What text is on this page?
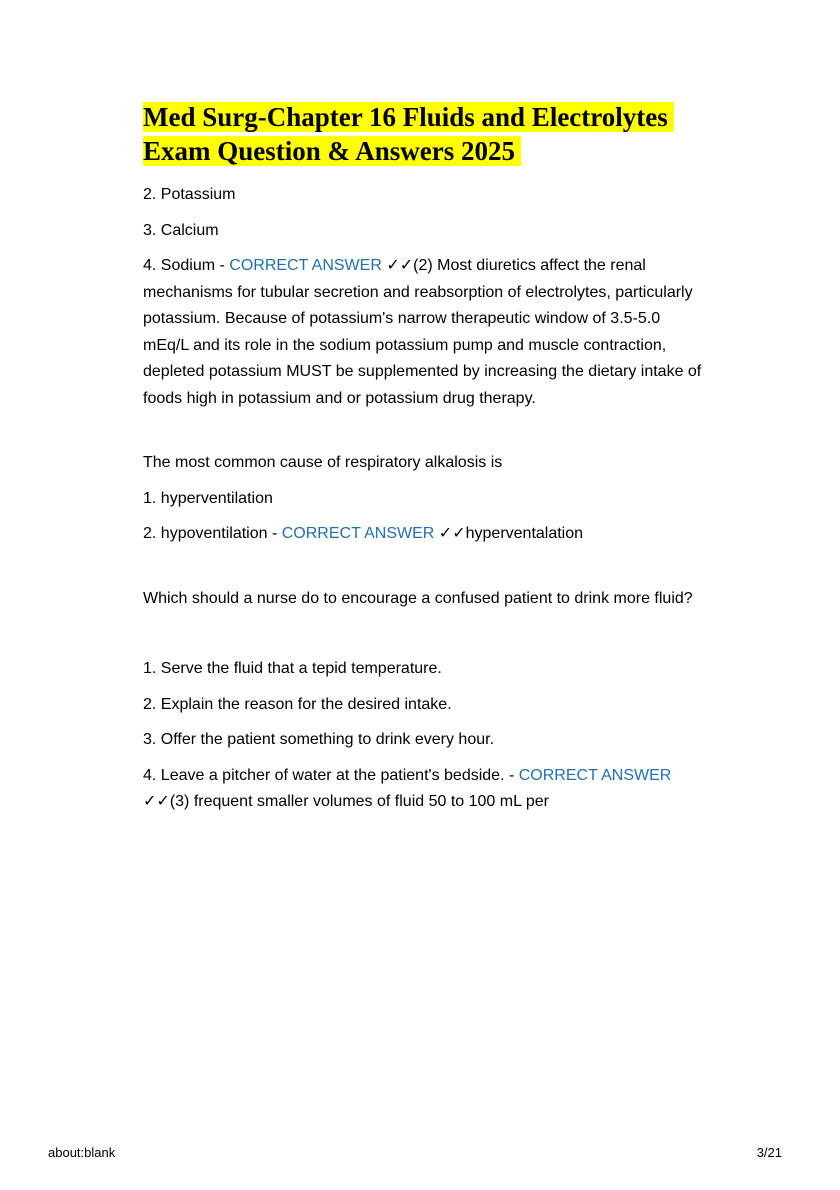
Med Surg-Chapter 16 Fluids and Electrolytes
Exam Question & Answers 2025

2. Potassium

3. Calcium

4. Sodium - CORRECT ANSWER ✓✓(2) Most diuretics affect the renal mechanisms for tubular secretion and reabsorption of electrolytes, particularly potassium. Because of potassium's narrow therapeutic window of 3.5-5.0 mEq/L and its role in the sodium potassium pump and muscle contraction, depleted potassium MUST be supplemented by increasing the dietary intake of foods high in potassium and or potassium drug therapy.

The most common cause of respiratory alkalosis is

1. hyperventilation

2. hypoventilation - CORRECT ANSWER ✓✓hyperventalation

Which should a nurse do to encourage a confused patient to drink more fluid?

1. Serve the fluid that a tepid temperature.

2. Explain the reason for the desired intake.

3. Offer the patient something to drink every hour.

4. Leave a pitcher of water at the patient's bedside. - CORRECT ANSWER ✓✓(3) frequent smaller volumes of fluid 50 to 100 mL per

about:blank	3/21
